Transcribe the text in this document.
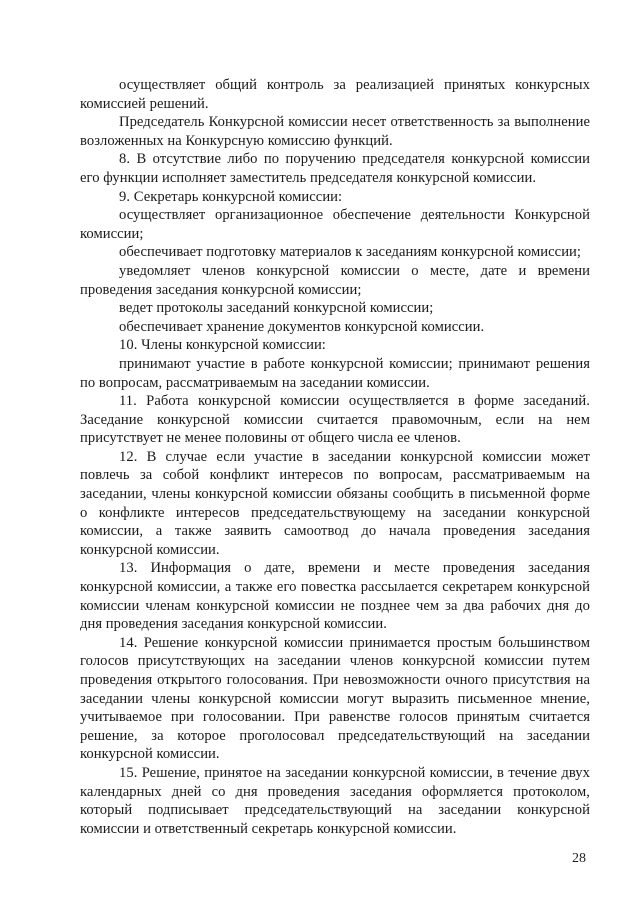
осуществляет общий контроль за реализацией принятых конкурсных комиссией решений.

Председатель Конкурсной комиссии несет ответственность за выполнение возложенных на Конкурсную комиссию функций.

8. В отсутствие либо по поручению председателя конкурсной комиссии его функции исполняет заместитель председателя конкурсной комиссии.

9. Секретарь конкурсной комиссии:

осуществляет организационное обеспечение деятельности Конкурсной комиссии;

обеспечивает подготовку материалов к заседаниям конкурсной комиссии;

уведомляет членов конкурсной комиссии о месте, дате и времени проведения заседания конкурсной комиссии;

ведет протоколы заседаний конкурсной комиссии;

обеспечивает хранение документов конкурсной комиссии.

10. Члены конкурсной комиссии:

принимают участие в работе конкурсной комиссии; принимают решения по вопросам, рассматриваемым на заседании комиссии.

11. Работа конкурсной комиссии осуществляется в форме заседаний. Заседание конкурсной комиссии считается правомочным, если на нем присутствует не менее половины от общего числа ее членов.

12. В случае если участие в заседании конкурсной комиссии может повлечь за собой конфликт интересов по вопросам, рассматриваемым на заседании, члены конкурсной комиссии обязаны сообщить в письменной форме о конфликте интересов председательствующему на заседании конкурсной комиссии, а также заявить самоотвод до начала проведения заседания конкурсной комиссии.

13. Информация о дате, времени и месте проведения заседания конкурсной комиссии, а также его повестка рассылается секретарем конкурсной комиссии членам конкурсной комиссии не позднее чем за два рабочих дня до дня проведения заседания конкурсной комиссии.

14. Решение конкурсной комиссии принимается простым большинством голосов присутствующих на заседании членов конкурсной комиссии путем проведения открытого голосования. При невозможности очного присутствия на заседании члены конкурсной комиссии могут выразить письменное мнение, учитываемое при голосовании. При равенстве голосов принятым считается решение, за которое проголосовал председательствующий на заседании конкурсной комиссии.

15. Решение, принятое на заседании конкурсной комиссии, в течение двух календарных дней со дня проведения заседания оформляется протоколом, который подписывает председательствующий на заседании конкурсной комиссии и ответственный секретарь конкурсной комиссии.

28
